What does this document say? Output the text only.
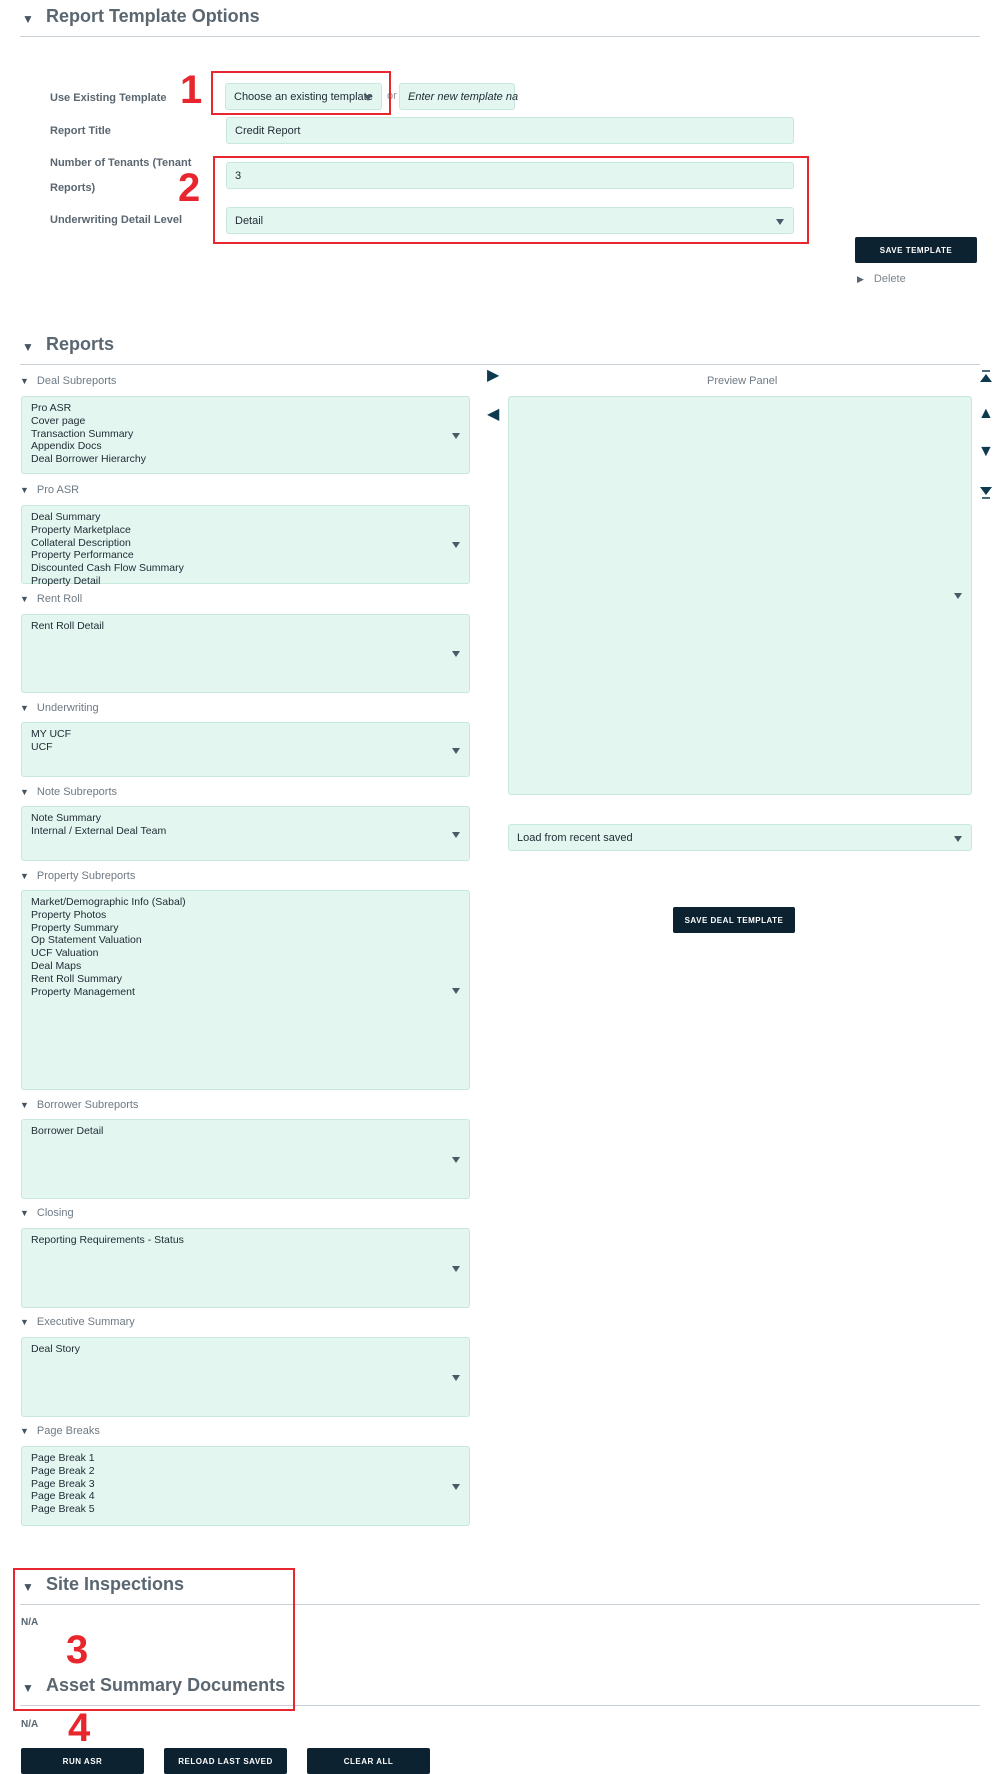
▼ Report Template Options
Use Existing Template	Choose an existing template or Enter new template na
Report Title	Credit Report
Number of Tenants (Tenant
Reports)
3
Underwriting Detail Level	Detail
SAVE TEMPLATE
▶ Delete
▼ Reports
▼ Deal Subreports
Pro ASR
Cover page
Transaction Summary
Appendix Docs
Deal Borrower Hierarchy
▼ Pro ASR
Deal Summary
Property Marketplace
Collateral Description
Property Performance
Discounted Cash Flow Summary
Property Detail
▼ Rent Roll
Rent Roll Detail
▼ Underwriting
MY UCF
UCF
▼ Note Subreports
Note Summary
Internal / External Deal Team
▼ Property Subreports
Market/Demographic Info (Sabal)
Property Photos
Property Summary
Op Statement Valuation
UCF Valuation
Deal Maps
Rent Roll Summary
Property Management
▼ Borrower Subreports
Borrower Detail
▼ Closing
Reporting Requirements - Status
▼ Executive Summary
Deal Story
▼ Page Breaks
Page Break 1
Page Break 2
Page Break 3
Page Break 4
Page Break 5
▶
◀
Preview Panel
▲
▼
Load from recent saved
SAVE DEAL TEMPLATE
▼ Site Inspections
N/A
▼ Asset Summary Documents
N/A
RUN ASR	RELOAD LAST SAVED	CLEAR ALL
1
2
3
4
